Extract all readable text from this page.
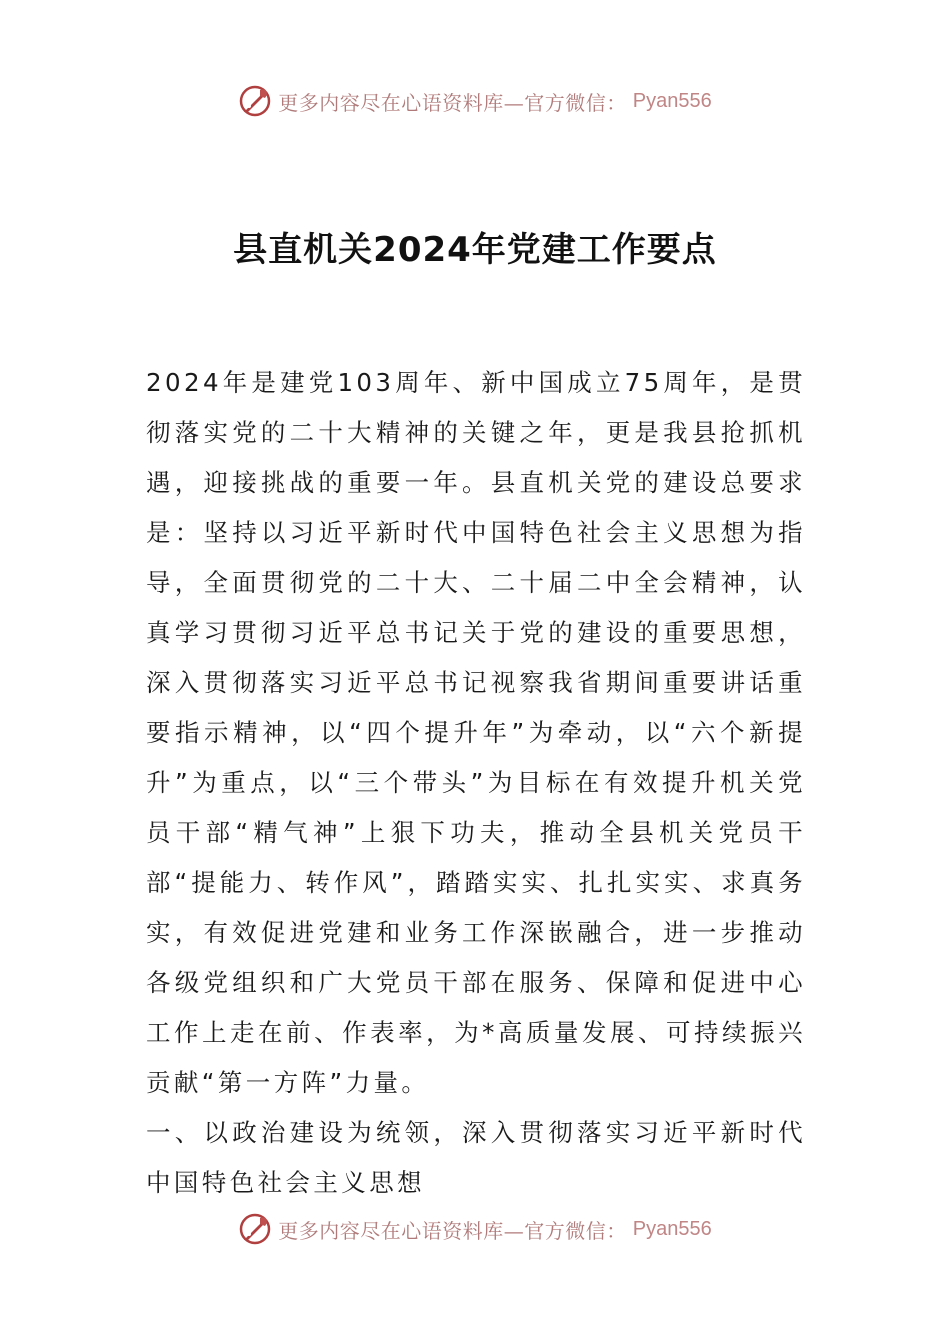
更多内容尽在心语资料库—官方微信： Pyan556
县直机关2024年党建工作要点

2024年是建党103周年、新中国成立75周年，是贯彻落实党的二十大精神的关键之年，更是我县抢抓机遇，迎接挑战的重要一年。县直机关党的建设总要求是：坚持以习近平新时代中国特色社会主义思想为指导，全面贯彻党的二十大、二十届二中全会精神，认真学习贯彻习近平总书记关于党的建设的重要思想，深入贯彻落实习近平总书记视察我省期间重要讲话重要指示精神，以“四个提升年”为牵动，以“六个新提升”为重点，以“三个带头”为目标在有效提升机关党员干部“精气神”上狠下功夫，推动全县机关党员干部“提能力、转作风”，踏踏实实、扎扎实实、求真务实，有效促进党建和业务工作深嵌融合，进一步推动各级党组织和广大党员干部在服务、保障和促进中心工作上走在前、作表率，为*高质量发展、可持续振兴贡献“第一方阵”力量。

一、以政治建设为统领，深入贯彻落实习近平新时代中国特色社会主义思想

更多内容尽在心语资料库—官方微信： Pyan556
